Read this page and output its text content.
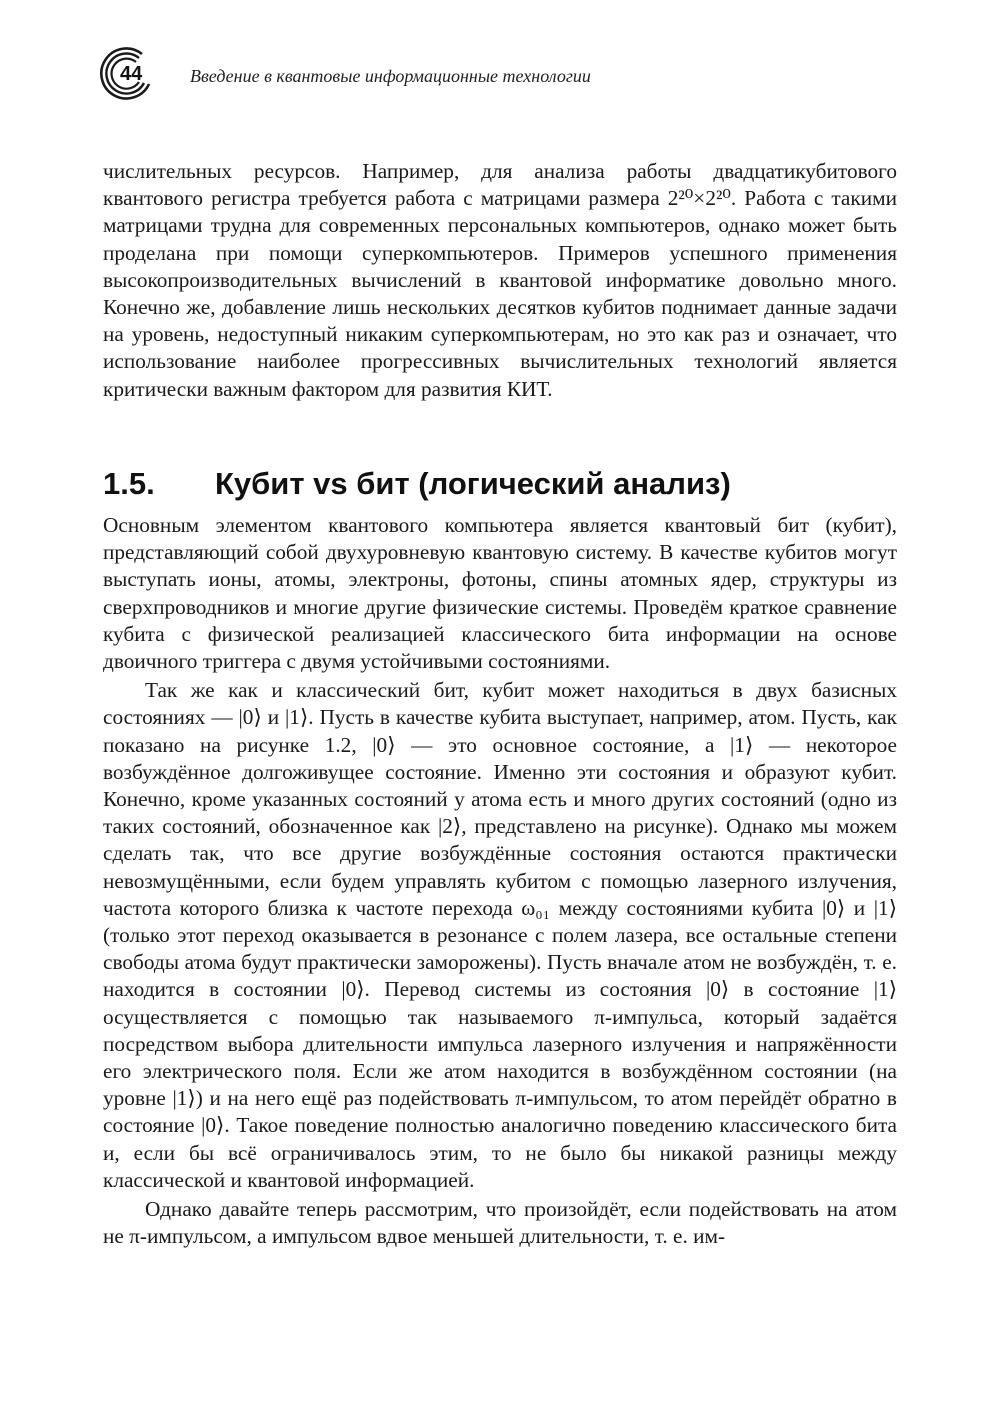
44	Введение в квантовые информационные технологии

числительных ресурсов. Например, для анализа работы двадцатикубитового квантового регистра требуется работа с матрицами размера 2²⁰×2²⁰. Работа с такими матрицами трудна для современных персональных компьютеров, однако может быть проделана при помощи суперкомпьютеров. Примеров успешного применения высокопроизводительных вычислений в квантовой информатике довольно много. Конечно же, добавление лишь нескольких десятков кубитов поднимает данные задачи на уровень, недоступный никаким суперкомпьютерам, но это как раз и означает, что использование наиболее прогрессивных вычислительных технологий является критически важным фактором для развития КИТ.

1.5. Кубит vs бит (логический анализ)

Основным элементом квантового компьютера является квантовый бит (кубит), представляющий собой двухуровневую квантовую систему. В качестве кубитов могут выступать ионы, атомы, электроны, фотоны, спины атомных ядер, структуры из сверхпроводников и многие другие физические системы. Проведём краткое сравнение кубита с физической реализацией классического бита информации на основе двоичного триггера с двумя устойчивыми состояниями.

Так же как и классический бит, кубит может находиться в двух базисных состояниях — |0⟩ и |1⟩. Пусть в качестве кубита выступает, например, атом. Пусть, как показано на рисунке 1.2, |0⟩ — это основное состояние, а |1⟩ — некоторое возбуждённое долгоживущее состояние. Именно эти состояния и образуют кубит. Конечно, кроме указанных состояний у атома есть и много других состояний (одно из таких состояний, обозначенное как |2⟩, представлено на рисунке). Однако мы можем сделать так, что все другие возбуждённые состояния остаются практически невозмущёнными, если будем управлять кубитом с помощью лазерного излучения, частота которого близка к частоте перехода ω₀₁ между состояниями кубита |0⟩ и |1⟩ (только этот переход оказывается в резонансе с полем лазера, все остальные степени свободы атома будут практически заморожены). Пусть вначале атом не возбуждён, т. е. находится в состоянии |0⟩. Перевод системы из состояния |0⟩ в состояние |1⟩ осуществляется с помощью так называемого π-импульса, который задаётся посредством выбора длительности импульса лазерного излучения и напряжённости его электрического поля. Если же атом находится в возбуждённом состоянии (на уровне |1⟩) и на него ещё раз подействовать π-импульсом, то атом перейдёт обратно в состояние |0⟩. Такое поведение полностью аналогично поведению классического бита и, если бы всё ограничивалось этим, то не было бы никакой разницы между классической и квантовой информацией.

Однако давайте теперь рассмотрим, что произойдёт, если подействовать на атом не π-импульсом, а импульсом вдвое меньшей длительности, т. е. им-
